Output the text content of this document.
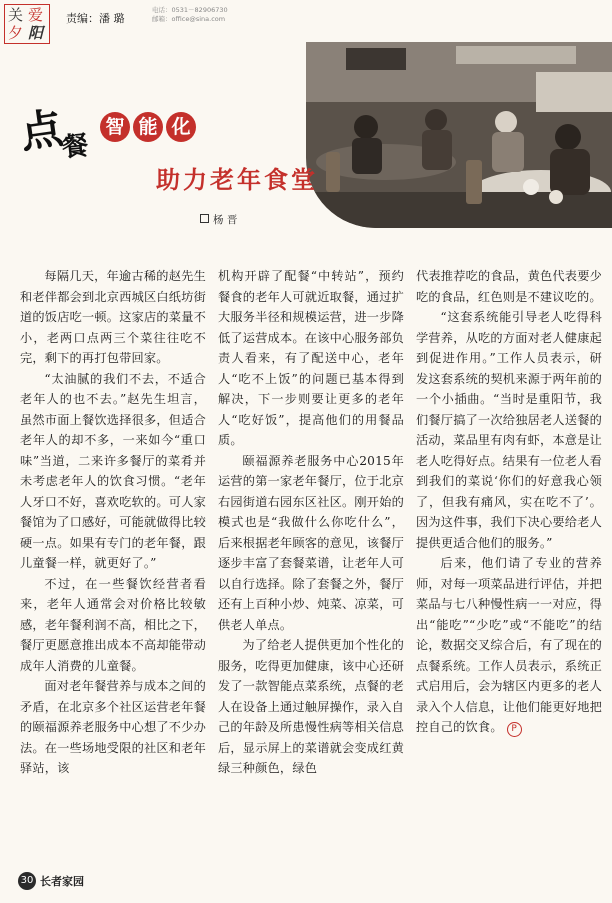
关 爱
夕 阳
责编：潘 璐
电话：0531－82906730
邮箱：office@sina.com
点
餐
智 能 化
助力老年食堂
杨 晋

每隔几天，年逾古稀的赵先生和老伴都会到北京西城区白纸坊街道的饭店吃一顿。这家店的菜量不小，老两口点两三个菜往往吃不完，剩下的再打包带回家。

“太油腻的我们不去，不适合老年人的也不去。”赵先生坦言，虽然市面上餐饮选择很多，但适合老年人的却不多，一来如今“重口味”当道，二来许多餐厅的菜肴并未考虑老年人的饮食习惯。“老年人牙口不好，喜欢吃软的。可人家餐馆为了口感好，可能就做得比较硬一点。如果有专门的老年餐，跟儿童餐一样，就更好了。”

不过，在一些餐饮经营者看来，老年人通常会对价格比较敏感，老年餐利润不高，相比之下，餐厅更愿意推出成本不高却能带动成年人消费的儿童餐。

面对老年餐营养与成本之间的矛盾，在北京多个社区运营老年餐的颐福源养老服务中心想了不少办法。在一些场地受限的社区和老年驿站，该

机构开辟了配餐“中转站”，预约餐食的老年人可就近取餐，通过扩大服务半径和规模运营，进一步降低了运营成本。在该中心服务部负责人看来，有了配送中心，老年人“吃不上饭”的问题已基本得到解决，下一步则要让更多的老年人“吃好饭”，提高他们的用餐品质。

颐福源养老服务中心2015年运营的第一家老年餐厅，位于北京右园街道右园东区社区。刚开始的模式也是“我做什么你吃什么”，后来根据老年顾客的意见，该餐厅逐步丰富了套餐菜谱，让老年人可以自行选择。除了套餐之外，餐厅还有上百种小炒、炖菜、凉菜，可供老人单点。

为了给老人提供更加个性化的服务，吃得更加健康，该中心还研发了一款智能点菜系统，点餐的老人在设备上通过触屏操作，录入自己的年龄及所患慢性病等相关信息后，显示屏上的菜谱就会变成红黄绿三种颜色，绿色

代表推荐吃的食品，黄色代表要少吃的食品，红色则是不建议吃的。

“这套系统能引导老人吃得科学营养，从吃的方面对老人健康起到促进作用。”工作人员表示，研发这套系统的契机来源于两年前的一个小插曲。“当时是重阳节，我们餐厅搞了一次给独居老人送餐的活动，菜品里有肉有虾，本意是让老人吃得好点。结果有一位老人看到我们的菜说‘你们的好意我心领了，但我有痛风，实在吃不了’。因为这件事，我们下决心要给老人提供更适合他们的服务。”

后来，他们请了专业的营养师，对每一项菜品进行评估，并把菜品与七八种慢性病一一对应，得出“能吃”“少吃”或“不能吃”的结论，数据交叉综合后，有了现在的点餐系统。工作人员表示，系统正式启用后，会为辖区内更多的老人录入个人信息，让他们能更好地把控自己的饮食。 P

30 长者家园
